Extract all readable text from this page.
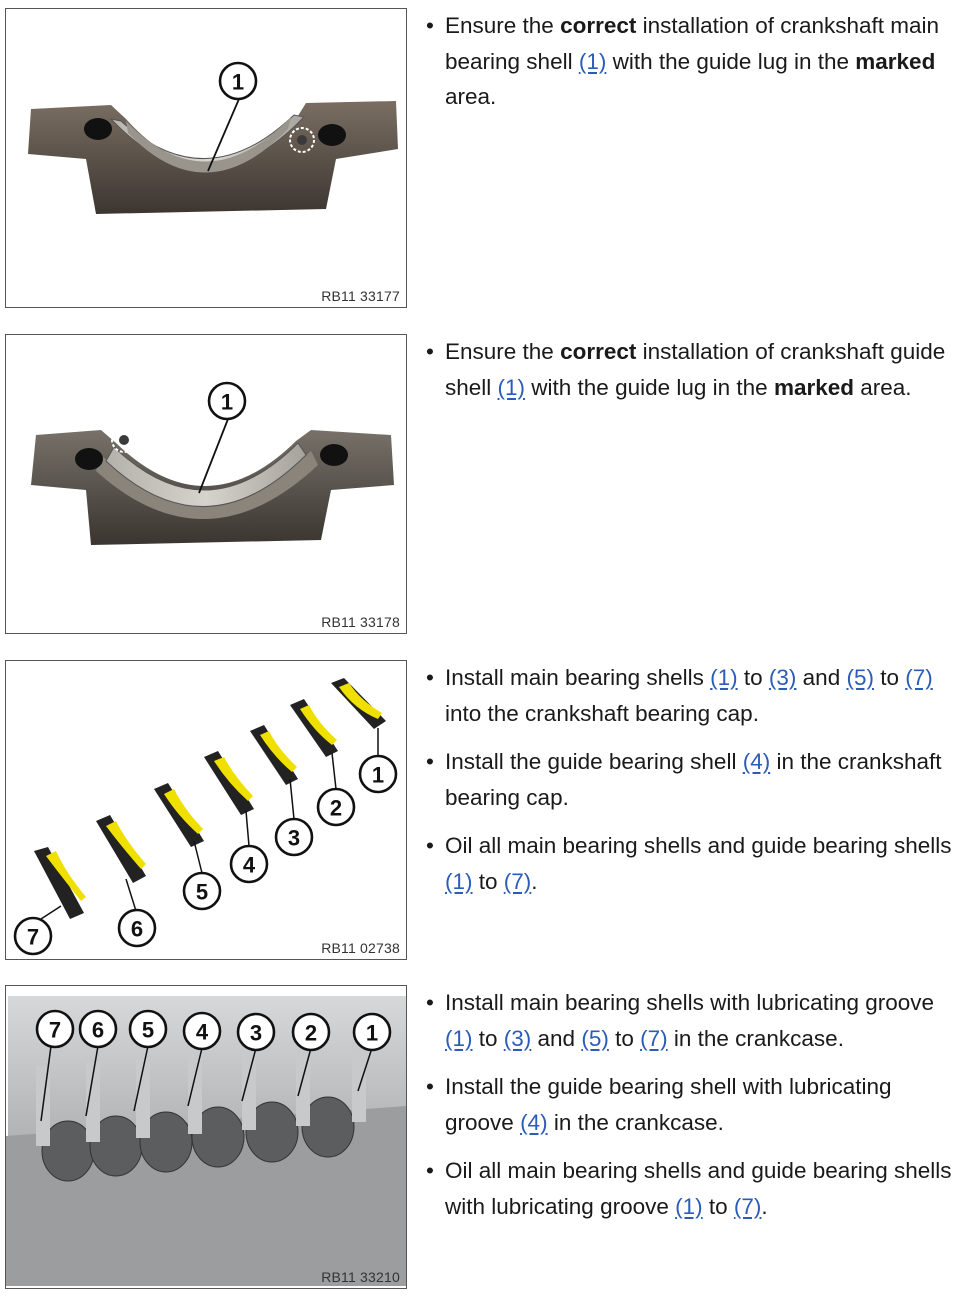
1
RB11 33177
• Ensure the correct installation of crankshaft main bearing shell (1) with the guide lug in the marked area.
1
RB11 33178
• Ensure the correct installation of crankshaft guide shell (1) with the guide lug in the marked area.
1
2
3
4
5
6
7	RB11 02738
• Install main bearing shells (1) to (3) and (5) to (7) into the crankshaft bearing cap.
• Install the guide bearing shell (4) in the crankshaft bearing cap.
• Oil all main bearing shells and guide bearing shells (1) to (7).
7 6 5 4 3 2 1
RB11 33210
• Install main bearing shells with lubricating groove (1) to (3) and (5) to (7) in the crankcase.
• Install the guide bearing shell with lubricating groove (4) in the crankcase.
• Oil all main bearing shells and guide bearing shells with lubricating groove (1) to (7).
